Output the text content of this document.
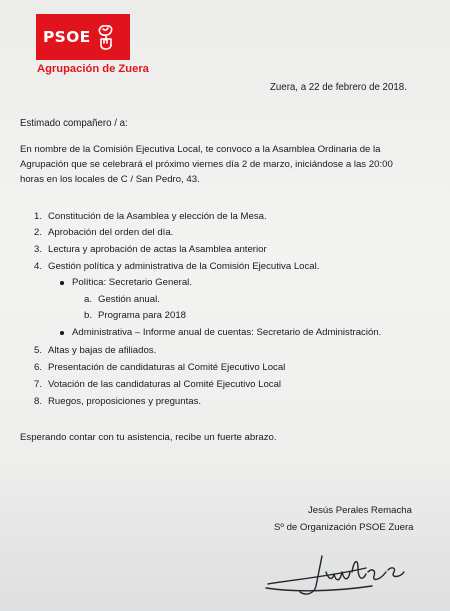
PSOE
Agrupación de Zuera
Zuera, a 22 de febrero de 2018.
Estimado compañero / a:
En nombre de la Comisión Ejecutiva Local, te convoco a la Asamblea Ordinaria de la
Agrupación que se celebrará el próximo viernes día 2 de marzo, iniciándose a las 20:00
horas en los locales de C / San Pedro, 43.
1. Constitución de la Asamblea y elección de la Mesa.
2. Aprobación del orden del día.
3. Lectura y aprobación de actas la Asamblea anterior
4. Gestión política y administrativa de la Comisión Ejecutiva Local.
Política: Secretario General.
a. Gestión anual.
b. Programa para 2018
Administrativa – Informe anual de cuentas: Secretario de Administración.
5. Altas y bajas de afiliados.
6. Presentación de candidaturas al Comité Ejecutivo Local
7. Votación de las candidaturas al Comité Ejecutivo Local
8. Ruegos, proposiciones y preguntas.
Esperando contar con tu asistencia, recibe un fuerte abrazo.
Jesús Perales Remacha
Sº de Organización PSOE Zuera
